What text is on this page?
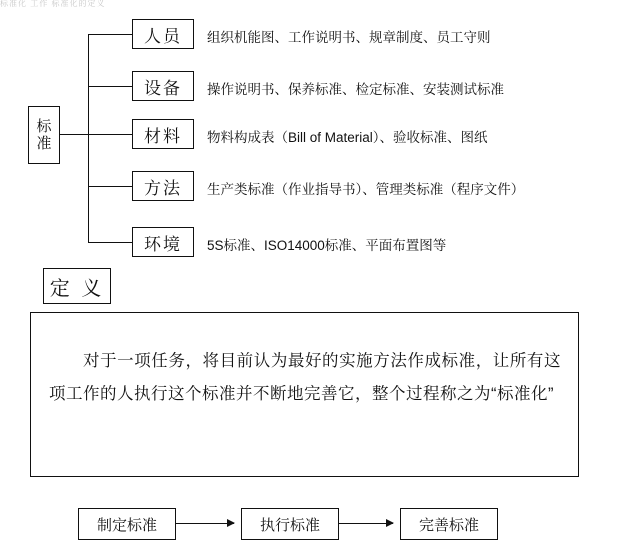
标准化 工作 标准化的定义
标准
人员
设备
材料
方法
环境
组织机能图、工作说明书、规章制度、员工守则
操作说明书、保养标准、检定标准、安装测试标准
物料构成表（Bill of Material）、验收标准、图纸
生产类标准（作业指导书）、管理类标准（程序文件）
5S标准、ISO14000标准、平面布置图等
定 义
对于一项任务，将目前认为最好的实施方法作成标准，让所有这项工作的人执行这个标准并不断地完善它，整个过程称之为“标准化”
制定标准	执行标准	完善标准
